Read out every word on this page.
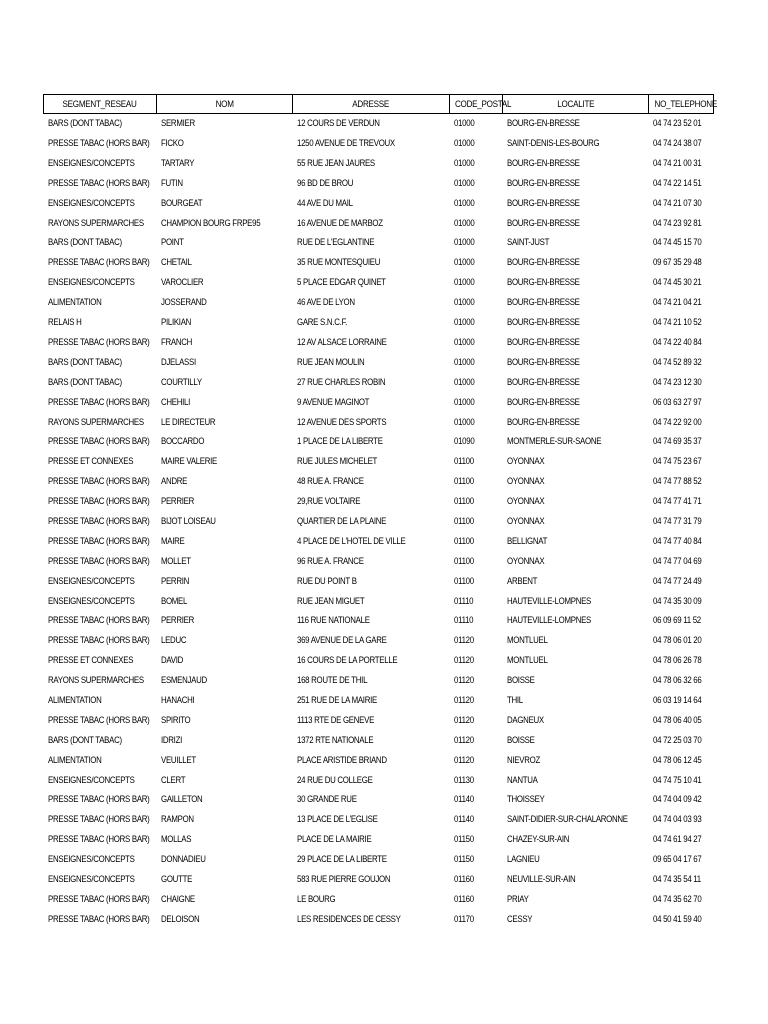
SEGMENT_RESEAU	NOM	ADRESSE	CODE_POSTAL	LOCALITE	NO_TELEPHONE
BARS (DONT TABAC)	SERMIER	12 COURS DE VERDUN	01000	BOURG-EN-BRESSE	04 74 23 52 01
PRESSE TABAC (HORS BAR)	FICKO	1250 AVENUE DE TREVOUX	01000	SAINT-DENIS-LES-BOURG	04 74 24 38 07
ENSEIGNES/CONCEPTS	TARTARY	55 RUE JEAN JAURES	01000	BOURG-EN-BRESSE	04 74 21 00 31
PRESSE TABAC (HORS BAR)	FUTIN	96 BD DE BROU	01000	BOURG-EN-BRESSE	04 74 22 14 51
ENSEIGNES/CONCEPTS	BOURGEAT	44 AVE DU MAIL	01000	BOURG-EN-BRESSE	04 74 21 07 30
RAYONS SUPERMARCHES	CHAMPION BOURG FRPE95	16 AVENUE DE MARBOZ	01000	BOURG-EN-BRESSE	04 74 23 92 81
BARS (DONT TABAC)	POINT	RUE DE L'EGLANTINE	01000	SAINT-JUST	04 74 45 15 70
PRESSE TABAC (HORS BAR)	CHETAIL	35 RUE MONTESQUIEU	01000	BOURG-EN-BRESSE	09 67 35 29 48
ENSEIGNES/CONCEPTS	VAROCLIER	5 PLACE EDGAR QUINET	01000	BOURG-EN-BRESSE	04 74 45 30 21
ALIMENTATION	JOSSERAND	46 AVE DE LYON	01000	BOURG-EN-BRESSE	04 74 21 04 21
RELAIS H	PILIKIAN	GARE S.N.C.F.	01000	BOURG-EN-BRESSE	04 74 21 10 52
PRESSE TABAC (HORS BAR)	FRANCH	12 AV ALSACE LORRAINE	01000	BOURG-EN-BRESSE	04 74 22 40 84
BARS (DONT TABAC)	DJELASSI	RUE JEAN MOULIN	01000	BOURG-EN-BRESSE	04 74 52 89 32
BARS (DONT TABAC)	COURTILLY	27 RUE CHARLES ROBIN	01000	BOURG-EN-BRESSE	04 74 23 12 30
PRESSE TABAC (HORS BAR)	CHEHILI	9 AVENUE MAGINOT	01000	BOURG-EN-BRESSE	06 03 63 27 97
RAYONS SUPERMARCHES	LE DIRECTEUR	12 AVENUE DES SPORTS	01000	BOURG-EN-BRESSE	04 74 22 92 00
PRESSE TABAC (HORS BAR)	BOCCARDO	1 PLACE DE LA LIBERTE	01090	MONTMERLE-SUR-SAONE	04 74 69 35 37
PRESSE ET CONNEXES	MAIRE VALERIE	RUE JULES MICHELET	01100	OYONNAX	04 74 75 23 67
PRESSE TABAC (HORS BAR)	ANDRE	48 RUE A. FRANCE	01100	OYONNAX	04 74 77 88 52
PRESSE TABAC (HORS BAR)	PERRIER	29,RUE VOLTAIRE	01100	OYONNAX	04 74 77 41 71
PRESSE TABAC (HORS BAR)	BIJOT LOISEAU	QUARTIER DE LA PLAINE	01100	OYONNAX	04 74 77 31 79
PRESSE TABAC (HORS BAR)	MAIRE	4 PLACE DE L'HOTEL DE VILLE	01100	BELLIGNAT	04 74 77 40 84
PRESSE TABAC (HORS BAR)	MOLLET	96 RUE A. FRANCE	01100	OYONNAX	04 74 77 04 69
ENSEIGNES/CONCEPTS	PERRIN	RUE DU POINT B	01100	ARBENT	04 74 77 24 49
ENSEIGNES/CONCEPTS	BOMEL	RUE JEAN MIGUET	01110	HAUTEVILLE-LOMPNES	04 74 35 30 09
PRESSE TABAC (HORS BAR)	PERRIER	116 RUE NATIONALE	01110	HAUTEVILLE-LOMPNES	06 09 69 11 52
PRESSE TABAC (HORS BAR)	LEDUC	369 AVENUE DE LA GARE	01120	MONTLUEL	04 78 06 01 20
PRESSE ET CONNEXES	DAVID	16 COURS DE LA PORTELLE	01120	MONTLUEL	04 78 06 26 78
RAYONS SUPERMARCHES	ESMENJAUD	168 ROUTE DE THIL	01120	BOISSE	04 78 06 32 66
ALIMENTATION	HANACHI	251 RUE DE LA MAIRIE	01120	THIL	06 03 19 14 64
PRESSE TABAC (HORS BAR)	SPIRITO	1113 RTE DE GENEVE	01120	DAGNEUX	04 78 06 40 05
BARS (DONT TABAC)	IDRIZI	1372 RTE NATIONALE	01120	BOISSE	04 72 25 03 70
ALIMENTATION	VEUILLET	PLACE ARISTIDE BRIAND	01120	NIEVROZ	04 78 06 12 45
ENSEIGNES/CONCEPTS	CLERT	24 RUE DU COLLEGE	01130	NANTUA	04 74 75 10 41
PRESSE TABAC (HORS BAR)	GAILLETON	30 GRANDE RUE	01140	THOISSEY	04 74 04 09 42
PRESSE TABAC (HORS BAR)	RAMPON	13 PLACE DE L'EGLISE	01140	SAINT-DIDIER-SUR-CHALARONNE	04 74 04 03 93
PRESSE TABAC (HORS BAR)	MOLLAS	PLACE DE LA MAIRIE	01150	CHAZEY-SUR-AIN	04 74 61 94 27
ENSEIGNES/CONCEPTS	DONNADIEU	29 PLACE DE LA LIBERTE	01150	LAGNIEU	09 65 04 17 67
ENSEIGNES/CONCEPTS	GOUTTE	583 RUE PIERRE GOUJON	01160	NEUVILLE-SUR-AIN	04 74 35 54 11
PRESSE TABAC (HORS BAR)	CHAIGNE	LE BOURG	01160	PRIAY	04 74 35 62 70
PRESSE TABAC (HORS BAR)	DELOISON	LES RESIDENCES DE CESSY	01170	CESSY	04 50 41 59 40
